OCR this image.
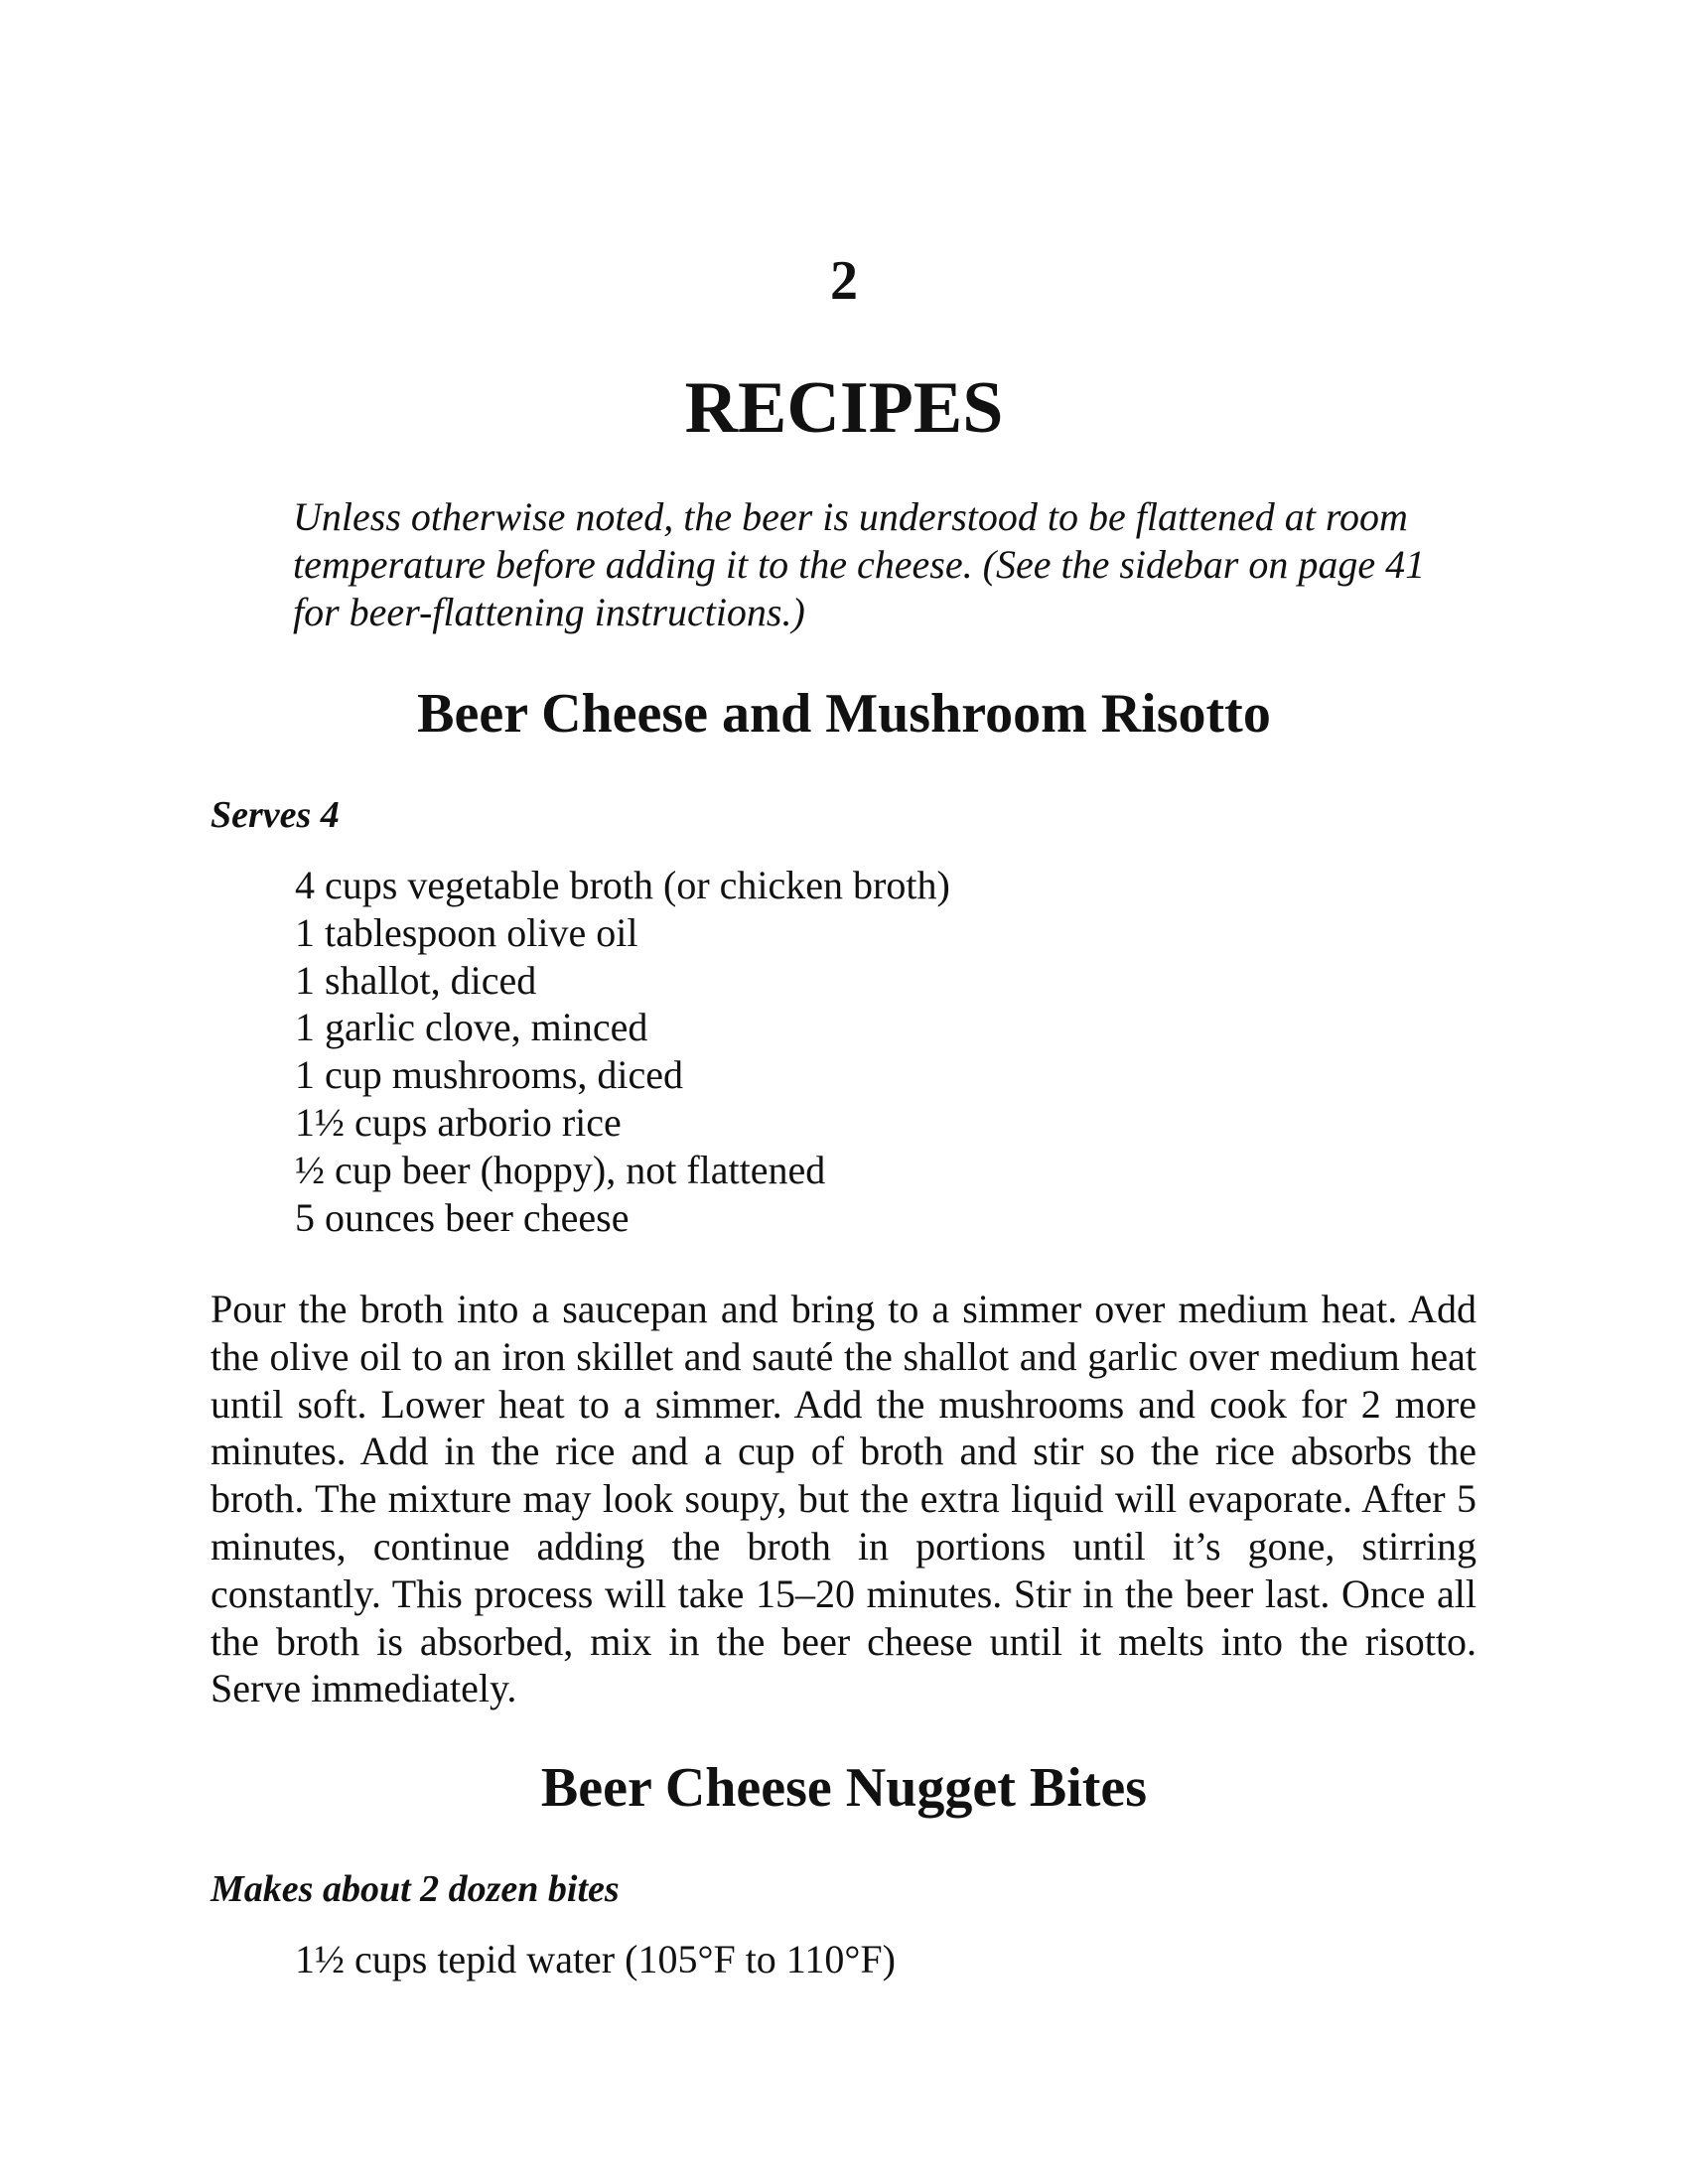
2
RECIPES

Unless otherwise noted, the beer is understood to be flattened at room temperature before adding it to the cheese. (See the sidebar on page 41 for beer-flattening instructions.)

Beer Cheese and Mushroom Risotto

Serves 4

4 cups vegetable broth (or chicken broth)
1 tablespoon olive oil
1 shallot, diced
1 garlic clove, minced
1 cup mushrooms, diced
1½ cups arborio rice
½ cup beer (hoppy), not flattened
5 ounces beer cheese

Pour the broth into a saucepan and bring to a simmer over medium heat. Add the olive oil to an iron skillet and sauté the shallot and garlic over medium heat until soft. Lower heat to a simmer. Add the mushrooms and cook for 2 more minutes. Add in the rice and a cup of broth and stir so the rice absorbs the broth. The mixture may look soupy, but the extra liquid will evaporate. After 5 minutes, continue adding the broth in portions until it’s gone, stirring constantly. This process will take 15–20 minutes. Stir in the beer last. Once all the broth is absorbed, mix in the beer cheese until it melts into the risotto. Serve immediately.

Beer Cheese Nugget Bites

Makes about 2 dozen bites

1½ cups tepid water (105°F to 110°F)
